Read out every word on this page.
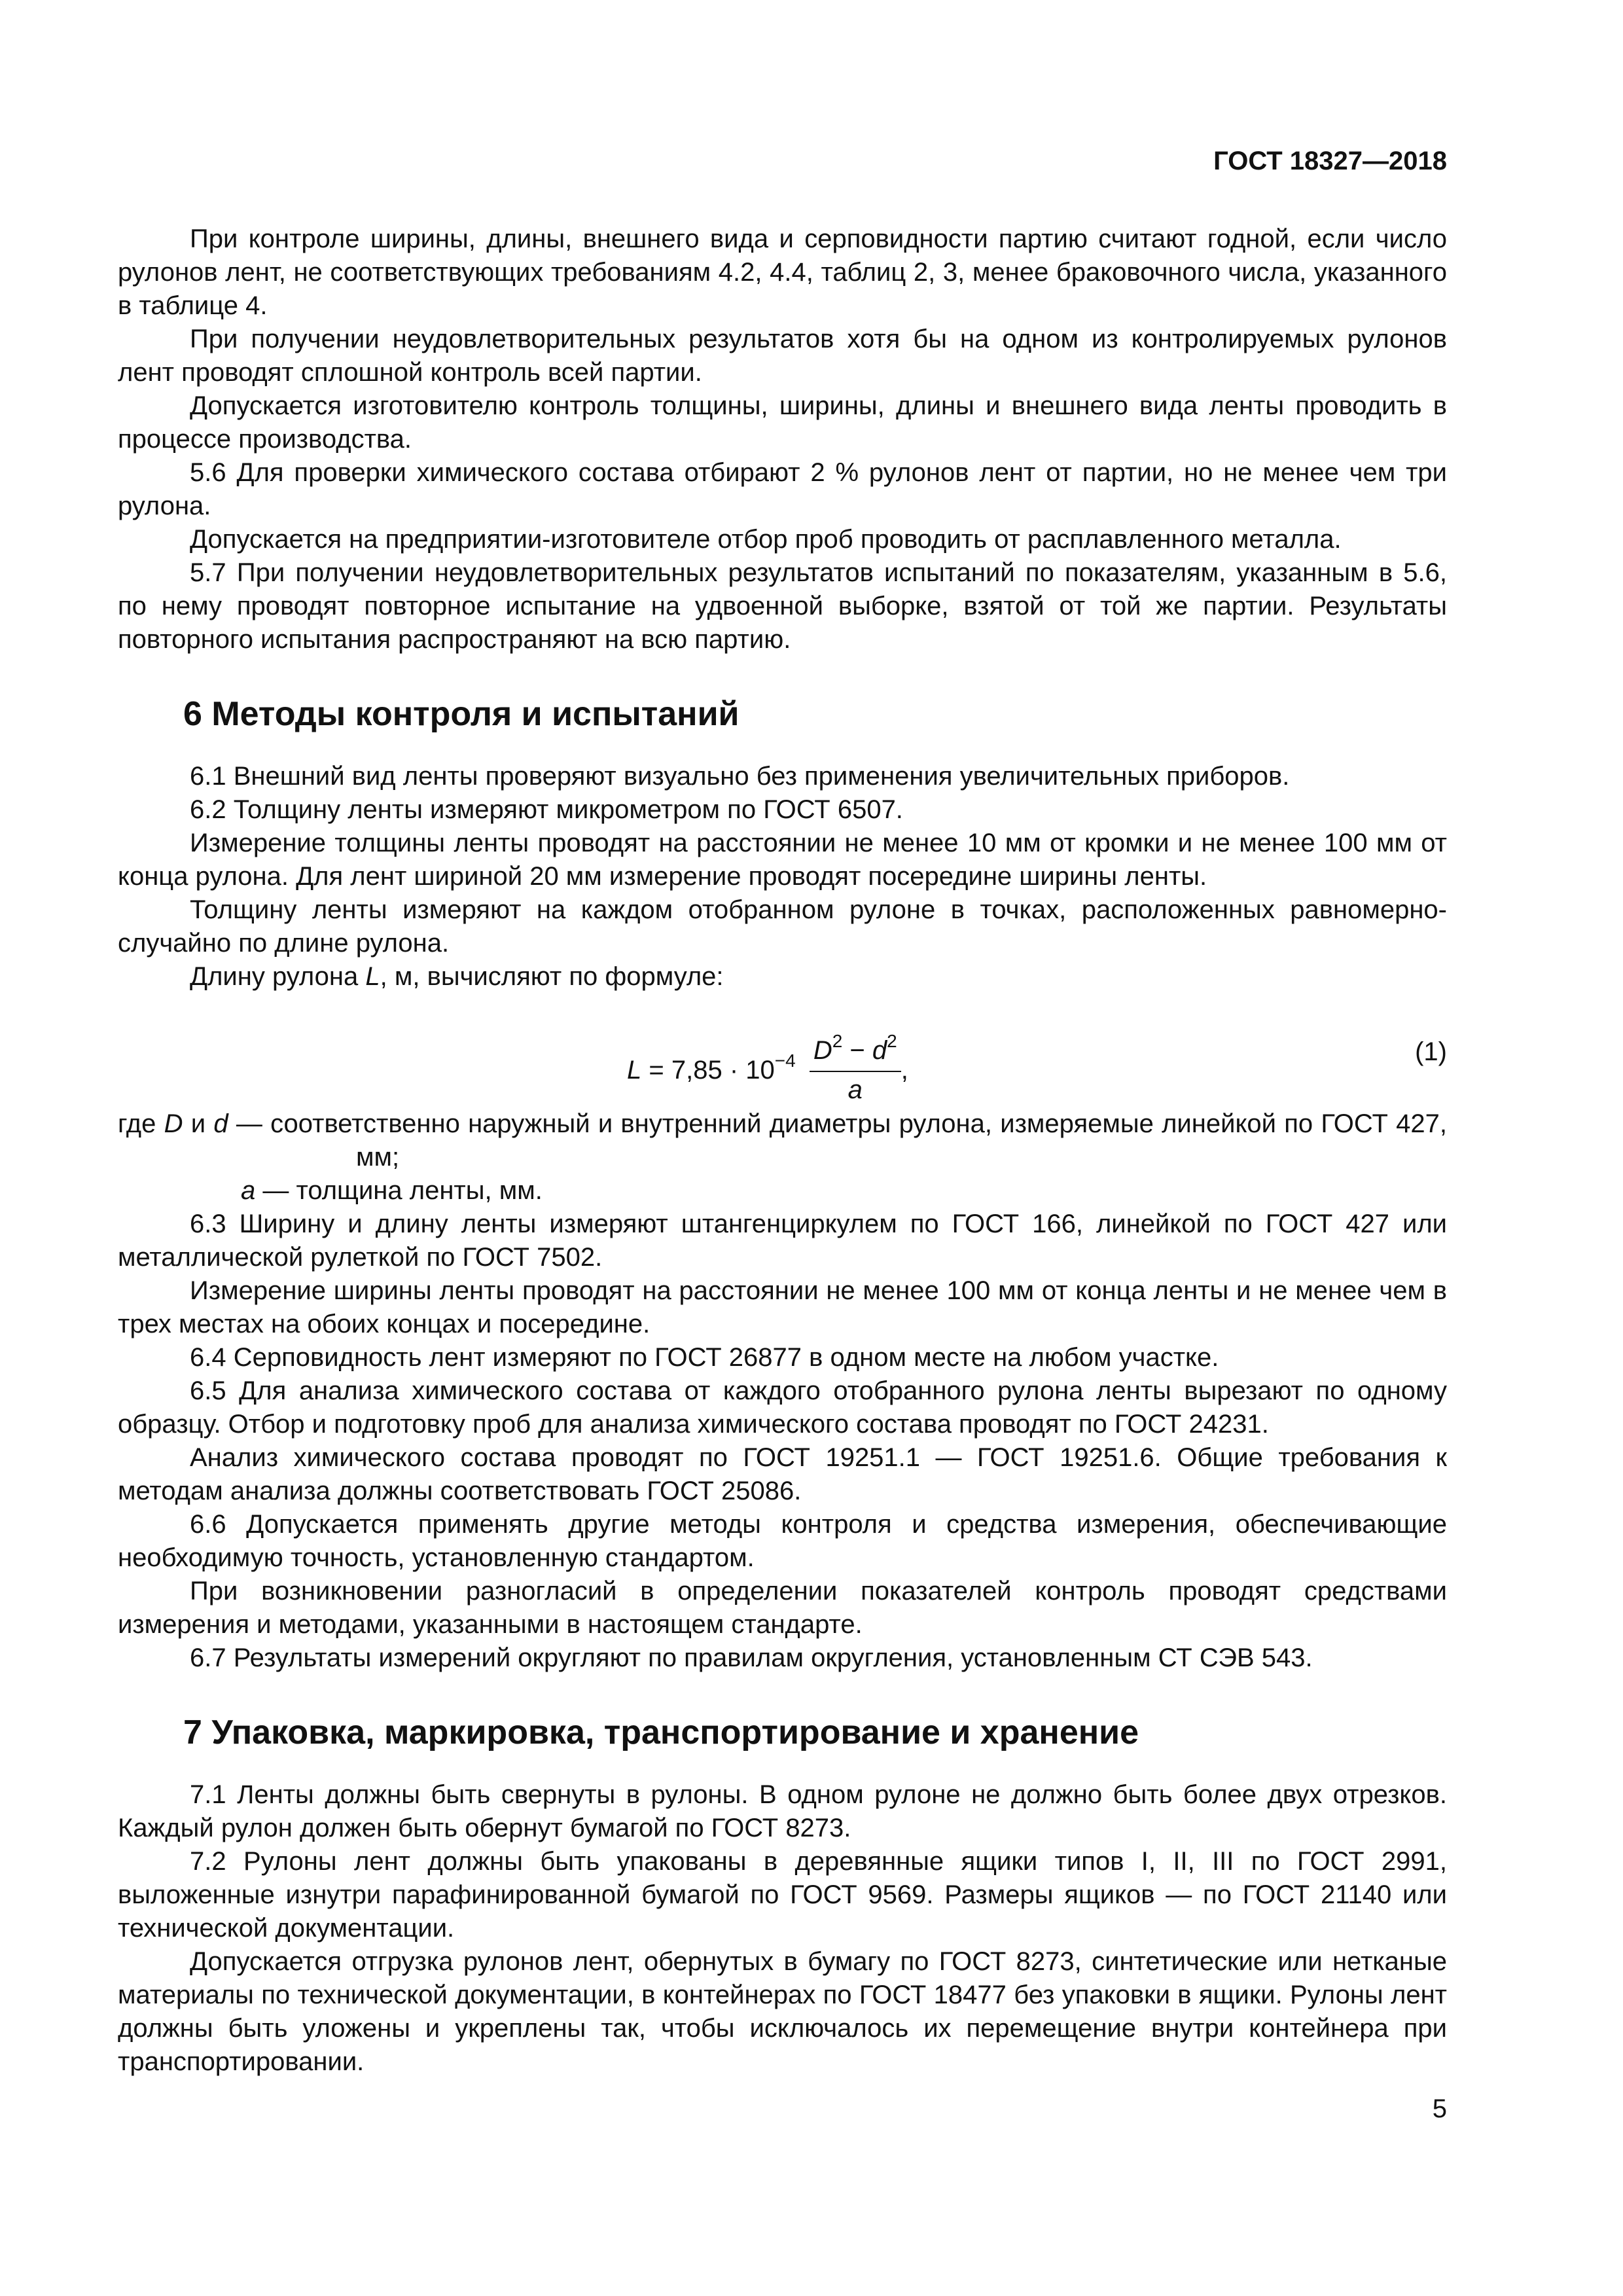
ГОСТ 18327—2018

При контроле ширины, длины, внешнего вида и серповидности партию считают годной, если число рулонов лент, не соответствующих требованиям 4.2, 4.4, таблиц 2, 3, менее браковочного числа, указанного в таблице 4.

При получении неудовлетворительных результатов хотя бы на одном из контролируемых рулонов лент проводят сплошной контроль всей партии.

Допускается изготовителю контроль толщины, ширины, длины и внешнего вида ленты проводить в процессе производства.

5.6 Для проверки химического состава отбирают 2 % рулонов лент от партии, но не менее чем три рулона.

Допускается на предприятии-изготовителе отбор проб проводить от расплавленного металла.

5.7 При получении неудовлетворительных результатов испытаний по показателям, указанным в 5.6, по нему проводят повторное испытание на удвоенной выборке, взятой от той же партии. Результаты повторного испытания распространяют на всю партию.

6 Методы контроля и испытаний

6.1 Внешний вид ленты проверяют визуально без применения увеличительных приборов.

6.2 Толщину ленты измеряют микрометром по ГОСТ 6507.

Измерение толщины ленты проводят на расстоянии не менее 10 мм от кромки и не менее 100 мм от конца рулона. Для лент шириной 20 мм измерение проводят посередине ширины ленты.

Толщину ленты измеряют на каждом отобранном рулоне в точках, расположенных равномерно-случайно по длине рулона.

Длину рулона L, м, вычисляют по формуле:

$L = 7,85 \cdot 10^{-4} \frac{D^2 - d^2}{a}$ ,
(1)
где D и d — соответственно наружный и внутренний диаметры рулона, измеряемые линейкой по ГОСТ 427, мм;
a — толщина ленты, мм.

6.3 Ширину и длину ленты измеряют штангенциркулем по ГОСТ 166, линейкой по ГОСТ 427 или металлической рулеткой по ГОСТ 7502.

Измерение ширины ленты проводят на расстоянии не менее 100 мм от конца ленты и не менее чем в трех местах на обоих концах и посередине.

6.4 Серповидность лент измеряют по ГОСТ 26877 в одном месте на любом участке.

6.5 Для анализа химического состава от каждого отобранного рулона ленты вырезают по одному образцу. Отбор и подготовку проб для анализа химического состава проводят по ГОСТ 24231.

Анализ химического состава проводят по ГОСТ 19251.1 — ГОСТ 19251.6. Общие требования к методам анализа должны соответствовать ГОСТ 25086.

6.6 Допускается применять другие методы контроля и средства измерения, обеспечивающие необходимую точность, установленную стандартом.

При возникновении разногласий в определении показателей контроль проводят средствами измерения и методами, указанными в настоящем стандарте.

6.7 Результаты измерений округляют по правилам округления, установленным СТ СЭВ 543.

7 Упаковка, маркировка, транспортирование и хранение

7.1 Ленты должны быть свернуты в рулоны. В одном рулоне не должно быть более двух отрезков. Каждый рулон должен быть обернут бумагой по ГОСТ 8273.

7.2 Рулоны лент должны быть упакованы в деревянные ящики типов I, II, III по ГОСТ 2991, выложенные изнутри парафинированной бумагой по ГОСТ 9569. Размеры ящиков — по ГОСТ 21140 или технической документации.

Допускается отгрузка рулонов лент, обернутых в бумагу по ГОСТ 8273, синтетические или нетканые материалы по технической документации, в контейнерах по ГОСТ 18477 без упаковки в ящики. Рулоны лент должны быть уложены и укреплены так, чтобы исключалось их перемещение внутри контейнера при транспортировании.

5
